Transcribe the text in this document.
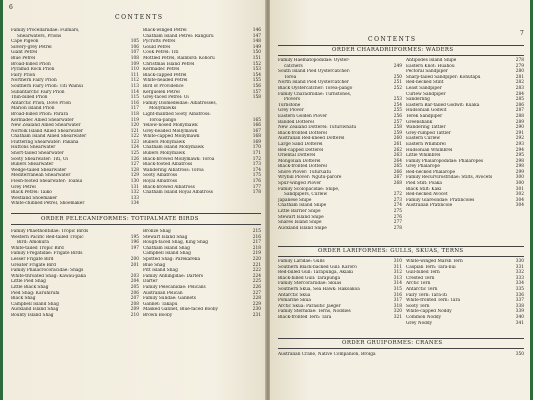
6
CONTENTS
Family Procellariidae: Fulmars,
Shearwaters, Prions
Cape Pigeon	105
Silvery-grey Petrel	106
Giant Petrel	107
Blue Petrel	108
Broad-billed Prion	109
Pyramid Rock Prion	110
Fairy Prion	111
Northern Fairy Prion	112
Southern Fairy Prion: Titi Wainui	113
Subantarctic Fairy Prion	114
Thin-billed Prion	115
Antarctic Prion, Dove Prion	116
Marion Island Prion	117
Broad-billed Prion: Parara	118
Kermadec Allied Shearwater	119
New Zealand Allied Shearwater	120
Norfolk Island Allied Shearwater	121
Chatham Island Allied Shearwater	122
Fluttering Shearwater: Pakaha	123
Huttons Shearwater	124
Short-tailed Shearwater	125
Sooty Shearwater: Titi, Oi	126
Bullers Shearwater	127
Wedge-tailed Shearwater	128
Mediterranean Shearwater	129
Flesh-footed Shearwater: Toanui	130
Grey Petrel	131
Black Petrel: Taiko	132
Westland Shoemaker	133
White-chinned Petrel, Shoemaker	134
Black-winged Petrel	146
Chatham Island Petrel: Ranguru	147
Pycrofts Petrel	148
Gould Petrel	149
Cook Petrel: Titi	150
Mottled Petrel, Rainbird: Kohoru	151
Christmas Island Petrel	152
Kermadec Petrel	153
Black-capped Petrel	154
White-headed Petrel	155
Bird of Providence	156
Kerguelen Petrel	157
Grey-faced Petrel: Oi	158
Family Diomedeidae: Albatrosses,
Mollymawks
Light-mantled Sooty Albatross:
Toroa-pango	165
Yellow-nosed Mollymawk	166
Grey-headed Mollymawk	167
White-capped Mollymawk	168
Bullers Mollymawk	169
Chatham Island Mollymawk	170
Bullers Mollymawk	171
Black-browed Mollymawk: Toroa	172
Black-footed Albatross	173
Wandering Albatross: Toroa	174
Sooty Albatross	175
Royal Albatross	176
Black-browed Albatross	177
Chatham Island Royal Albatross	178
ORDER PELECANIFORMES: TOTIPALMATE BIRDS
Family Phaethontidae: Tropic Birds
Western Pacific Red-tailed Tropic	195
Bird: Amokura	196
White-tailed Tropic Bird	197
Family Fregatidae: Frigate Birds
Lesser Frigate Bird	200
Greater Frigate Bird	201
Family Phalacrocoracidae: Shags
White-throated Shag: Kawau-paka	203
Little Pied Shag	204
Little Black Shag	205
Pied Shag: Karuhiruhi	206
Black Shag	207
Campbell Island Shag	208
Auckland Island Shag	209
Bounty Island Shag	210
Bronze Shag	215
Stewart Island Shag	216
Rough-faced Shag, King Shag	217
Chatham Island Shag	218
Campbell Island Shag	219
Spotted Shag: Parekareka	220
Blue Shag	221
Pitt Island Shag	222
Family Anhingidae: Darters	224
Darter	225
Family Pelecanidae: Pelicans	226
Australian Pelican	227
Family Sulidae: Gannets	228
Gannet: Takapu	229
Masked Gannet, Blue-faced Booby	230
Brown Booby	231
7
CONTENTS
ORDER CHARADRIIFORMES: WADERS
Family Haematopodidae: Oyster-
catchers	249
South Island Pied Oystercatcher:
Torea	250
North Island Pied Oystercatcher	251
Black Oystercatcher: Torea-pango	252
Family Charadriidae: Turnstones,
Plovers	253
Turnstone	254
Grey Plover	255
Eastern Golden Plover	256
Banded Dotterel	257
New Zealand Dotterel: Tuturiwhatu	258
Black-fronted Dotterel	259
Australian Red-kneed Dotterel	260
Large Sand Dotterel	261
Red-capped Dotterel	262
Oriental Dotterel	263
Mongolian Dotterel	264
Black-fronted Dotterel	265
Shore Plover: Tuturuatu	266
Wrybill Plover: Ngutu-parore	267
Spur-winged Plover	268
Family Scolopacidae: Snipe,
Sandpipers, Curlew	272
Japanese Snipe	273
Chatham Island Snipe	274
Little Barrier Snipe	275
Stewart Island Snipe	276
Snares Island Snipe	277
Auckland Island Snipe	278
Antipodes Island Snipe	278
Eastern Knot: Huahou	279
Pectoral Sandpiper	280
Sharp-tailed Sandpiper: Kohutapu	281
Red-necked Stint	282
Least Sandpiper	283
Curlew Sandpiper	284
Sanderling	285
Eastern Bar-tailed Godwit: Kuaka	286
Hudsonian Godwit	287
Terek Sandpiper	288
Greenshank	289
Wandering Tattler	290
Grey-rumped Tattler	291
Eastern Curlew	292
Eastern Whimbrel	293
Hudsonian Whimbrel	294
Little Whimbrel	295
Family Phalaropodidae: Phalaropes	298
Grey Phalarope	298
Red-necked Phalarope	299
Family Recurvirostridae: Stilts, Avocets	300
Pied Stilt: Poaka	300
Black Stilt: Kaki	301
Red-necked Avocet	302
Family Glareolidae: Pratincoles	304
Australian Pratincole	304
ORDER LARIFORMES: GULLS, SKUAS, TERNS
Family Laridae: Gulls	310
Southern Black-backed Gull: Karoro	311
Red-billed Gull: Tarapunga, Akiaki	312
Black-billed Gull: Tarapunga	313
Family Stercorariidae: Skuas	314
Southern Skua, Sea Hawk: Hakoakoa	315
Antarctic Skua	316
Pomarine Skua	317
Arctic Skua: Parasitic Jaeger	318
Family Sternidae: Terns, Noddies	320
Black-fronted Tern: Tara	321
White-winged Marsh Tern	330
Caspian Tern: Tara-nui	331
Gull-billed Tern	332
Crested Tern	333
Arctic Tern	334
Antarctic Tern	335
Fairy Tern: Tara-iti	336
White-fronted Tern: Tara	337
Sooty Tern	338
White-capped Noddy	339
Common Noddy	340
Grey Noddy	341
ORDER GRUIFORMES: CRANES
Australian Crane, Native Companion, Brolga	350
